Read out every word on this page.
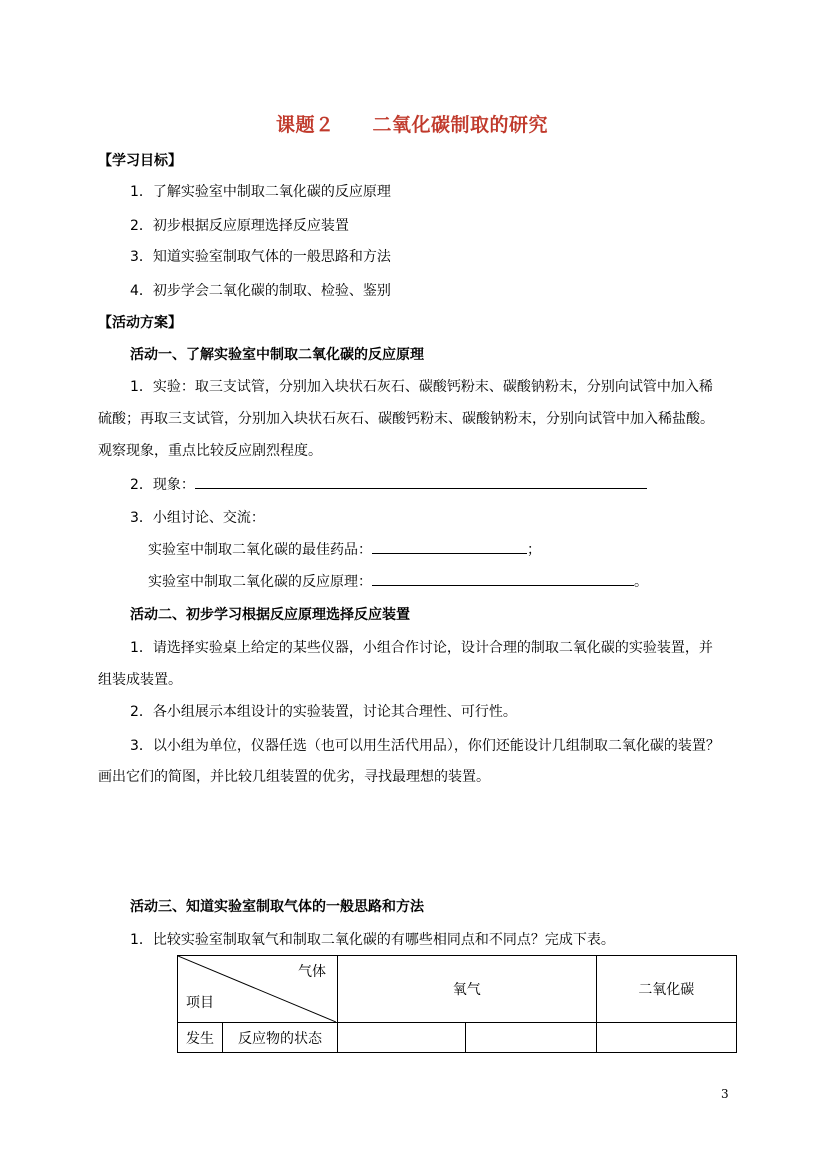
课题２ 二氧化碳制取的研究
【学习目标】
1．了解实验室中制取二氧化碳的反应原理
2．初步根据反应原理选择反应装置
3．知道实验室制取气体的一般思路和方法
4．初步学会二氧化碳的制取、检验、鉴别
【活动方案】
活动一、了解实验室中制取二氧化碳的反应原理
1．实验：取三支试管，分别加入块状石灰石、碳酸钙粉末、碳酸钠粉末，分别向试管中加入稀
硫酸；再取三支试管，分别加入块状石灰石、碳酸钙粉末、碳酸钠粉末，分别向试管中加入稀盐酸。
观察现象，重点比较反应剧烈程度。
2．现象：
3．小组讨论、交流：
实验室中制取二氧化碳的最佳药品：	；
实验室中制取二氧化碳的反应原理：	。
活动二、初步学习根据反应原理选择反应装置
1．请选择实验桌上给定的某些仪器，小组合作讨论，设计合理的制取二氧化碳的实验装置，并
组装成装置。
2．各小组展示本组设计的实验装置，讨论其合理性、可行性。
3．以小组为单位，仪器任选（也可以用生活代用品），你们还能设计几组制取二氧化碳的装置？
画出它们的简图，并比较几组装置的优劣，寻找最理想的装置。
活动三、知道实验室制取气体的一般思路和方法
1．比较实验室制取氧气和制取二氧化碳的有哪些相同点和不同点？完成下表。
气体
项目		氧气		二氧化碳
发生	反应物的状态			
3
